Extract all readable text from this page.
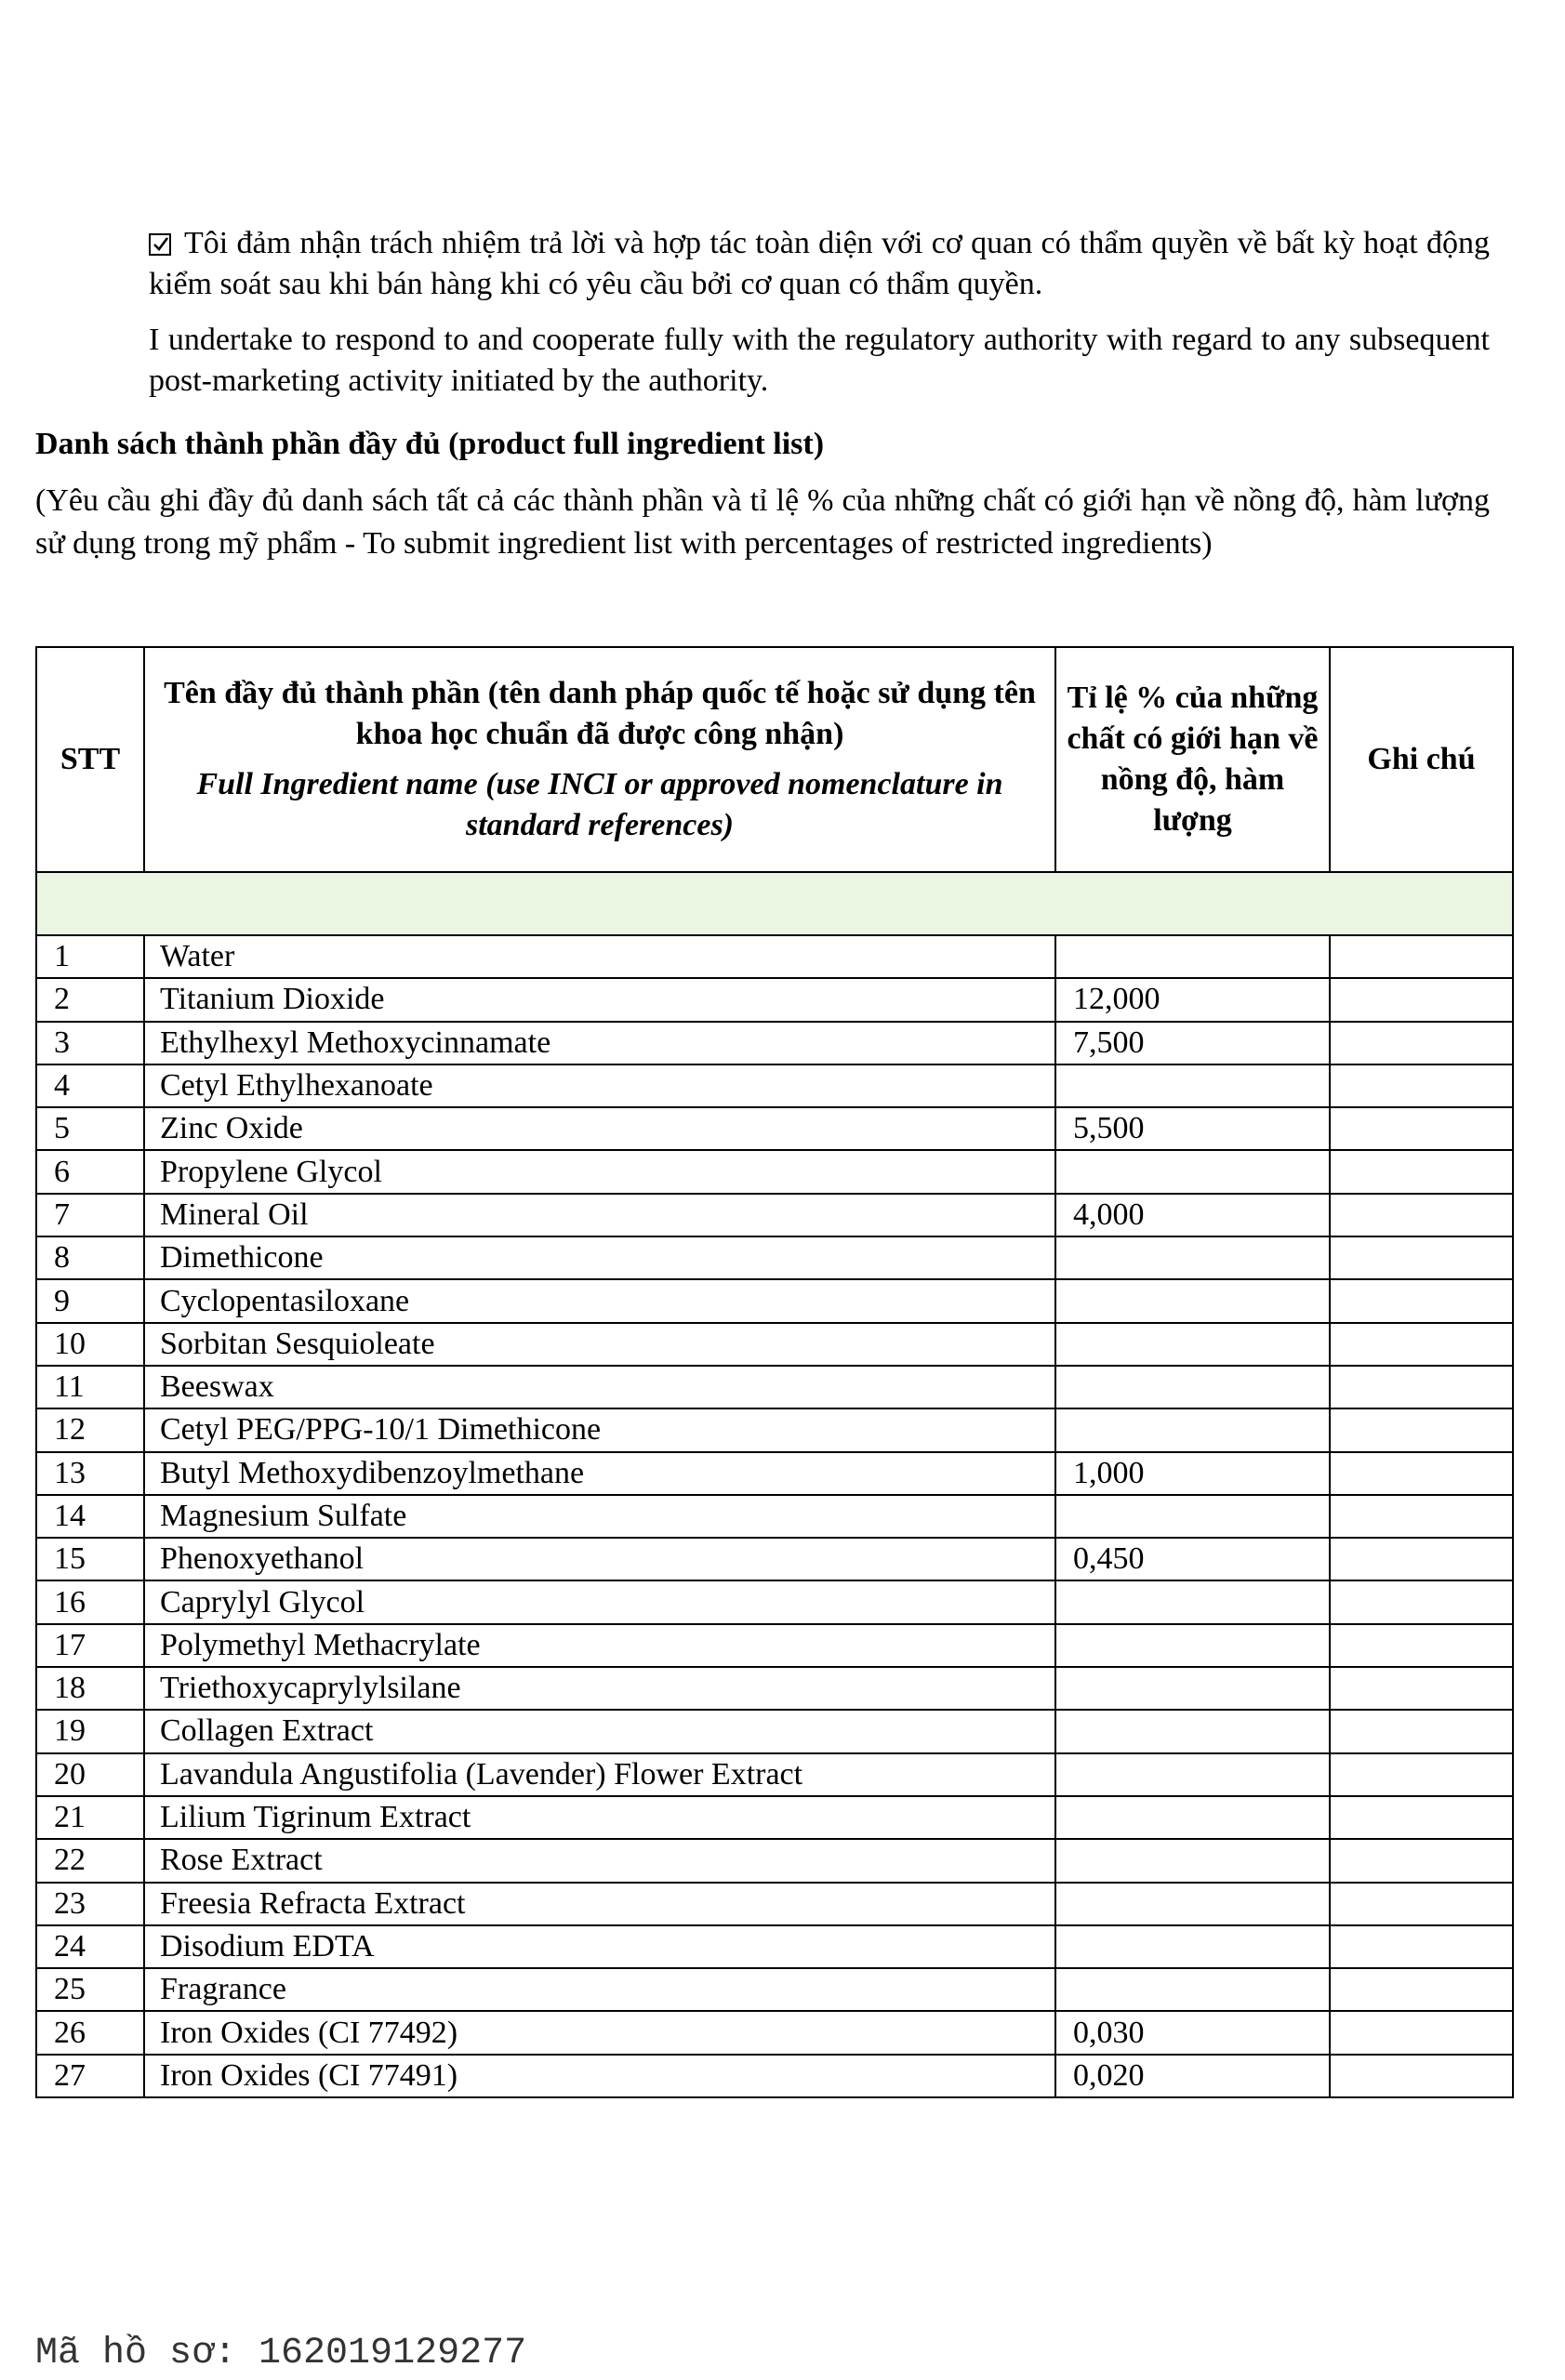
Tôi đảm nhận trách nhiệm trả lời và hợp tác toàn diện với cơ quan có thẩm quyền về bất kỳ hoạt động kiểm soát sau khi bán hàng khi có yêu cầu bởi cơ quan có thẩm quyền.

I undertake to respond to and cooperate fully with the regulatory authority with regard to any subsequent post-marketing activity initiated by the authority.

Danh sách thành phần đầy đủ (product full ingredient list)
(Yêu cầu ghi đầy đủ danh sách tất cả các thành phần và tỉ lệ % của những chất có giới hạn về nồng độ, hàm lượng sử dụng trong mỹ phẩm - To submit ingredient list with percentages of restricted ingredients)
STT	Tên đầy đủ thành phần (tên danh pháp quốc tế hoặc sử dụng tên khoa học chuẩn đã được công nhận)
Full Ingredient name (use INCI or approved nomenclature in standard references)	Tỉ lệ % của những chất có giới hạn về nồng độ, hàm lượng	Ghi chú

1	Water		
2	Titanium Dioxide	12,000	
3	Ethylhexyl Methoxycinnamate	7,500	
4	Cetyl Ethylhexanoate		
5	Zinc Oxide	5,500	
6	Propylene Glycol		
7	Mineral Oil	4,000	
8	Dimethicone		
9	Cyclopentasiloxane		
10	Sorbitan Sesquioleate		
11	Beeswax		
12	Cetyl PEG/PPG-10/1 Dimethicone		
13	Butyl Methoxydibenzoylmethane	1,000	
14	Magnesium Sulfate		
15	Phenoxyethanol	0,450	
16	Caprylyl Glycol		
17	Polymethyl Methacrylate		
18	Triethoxycaprylylsilane		
19	Collagen Extract		
20	Lavandula Angustifolia (Lavender) Flower Extract		
21	Lilium Tigrinum Extract		
22	Rose Extract		
23	Freesia Refracta Extract		
24	Disodium EDTA		
25	Fragrance		
26	Iron Oxides (CI 77492)	0,030	
27	Iron Oxides (CI 77491)	0,020	
Mã hồ sơ: 162019129277
